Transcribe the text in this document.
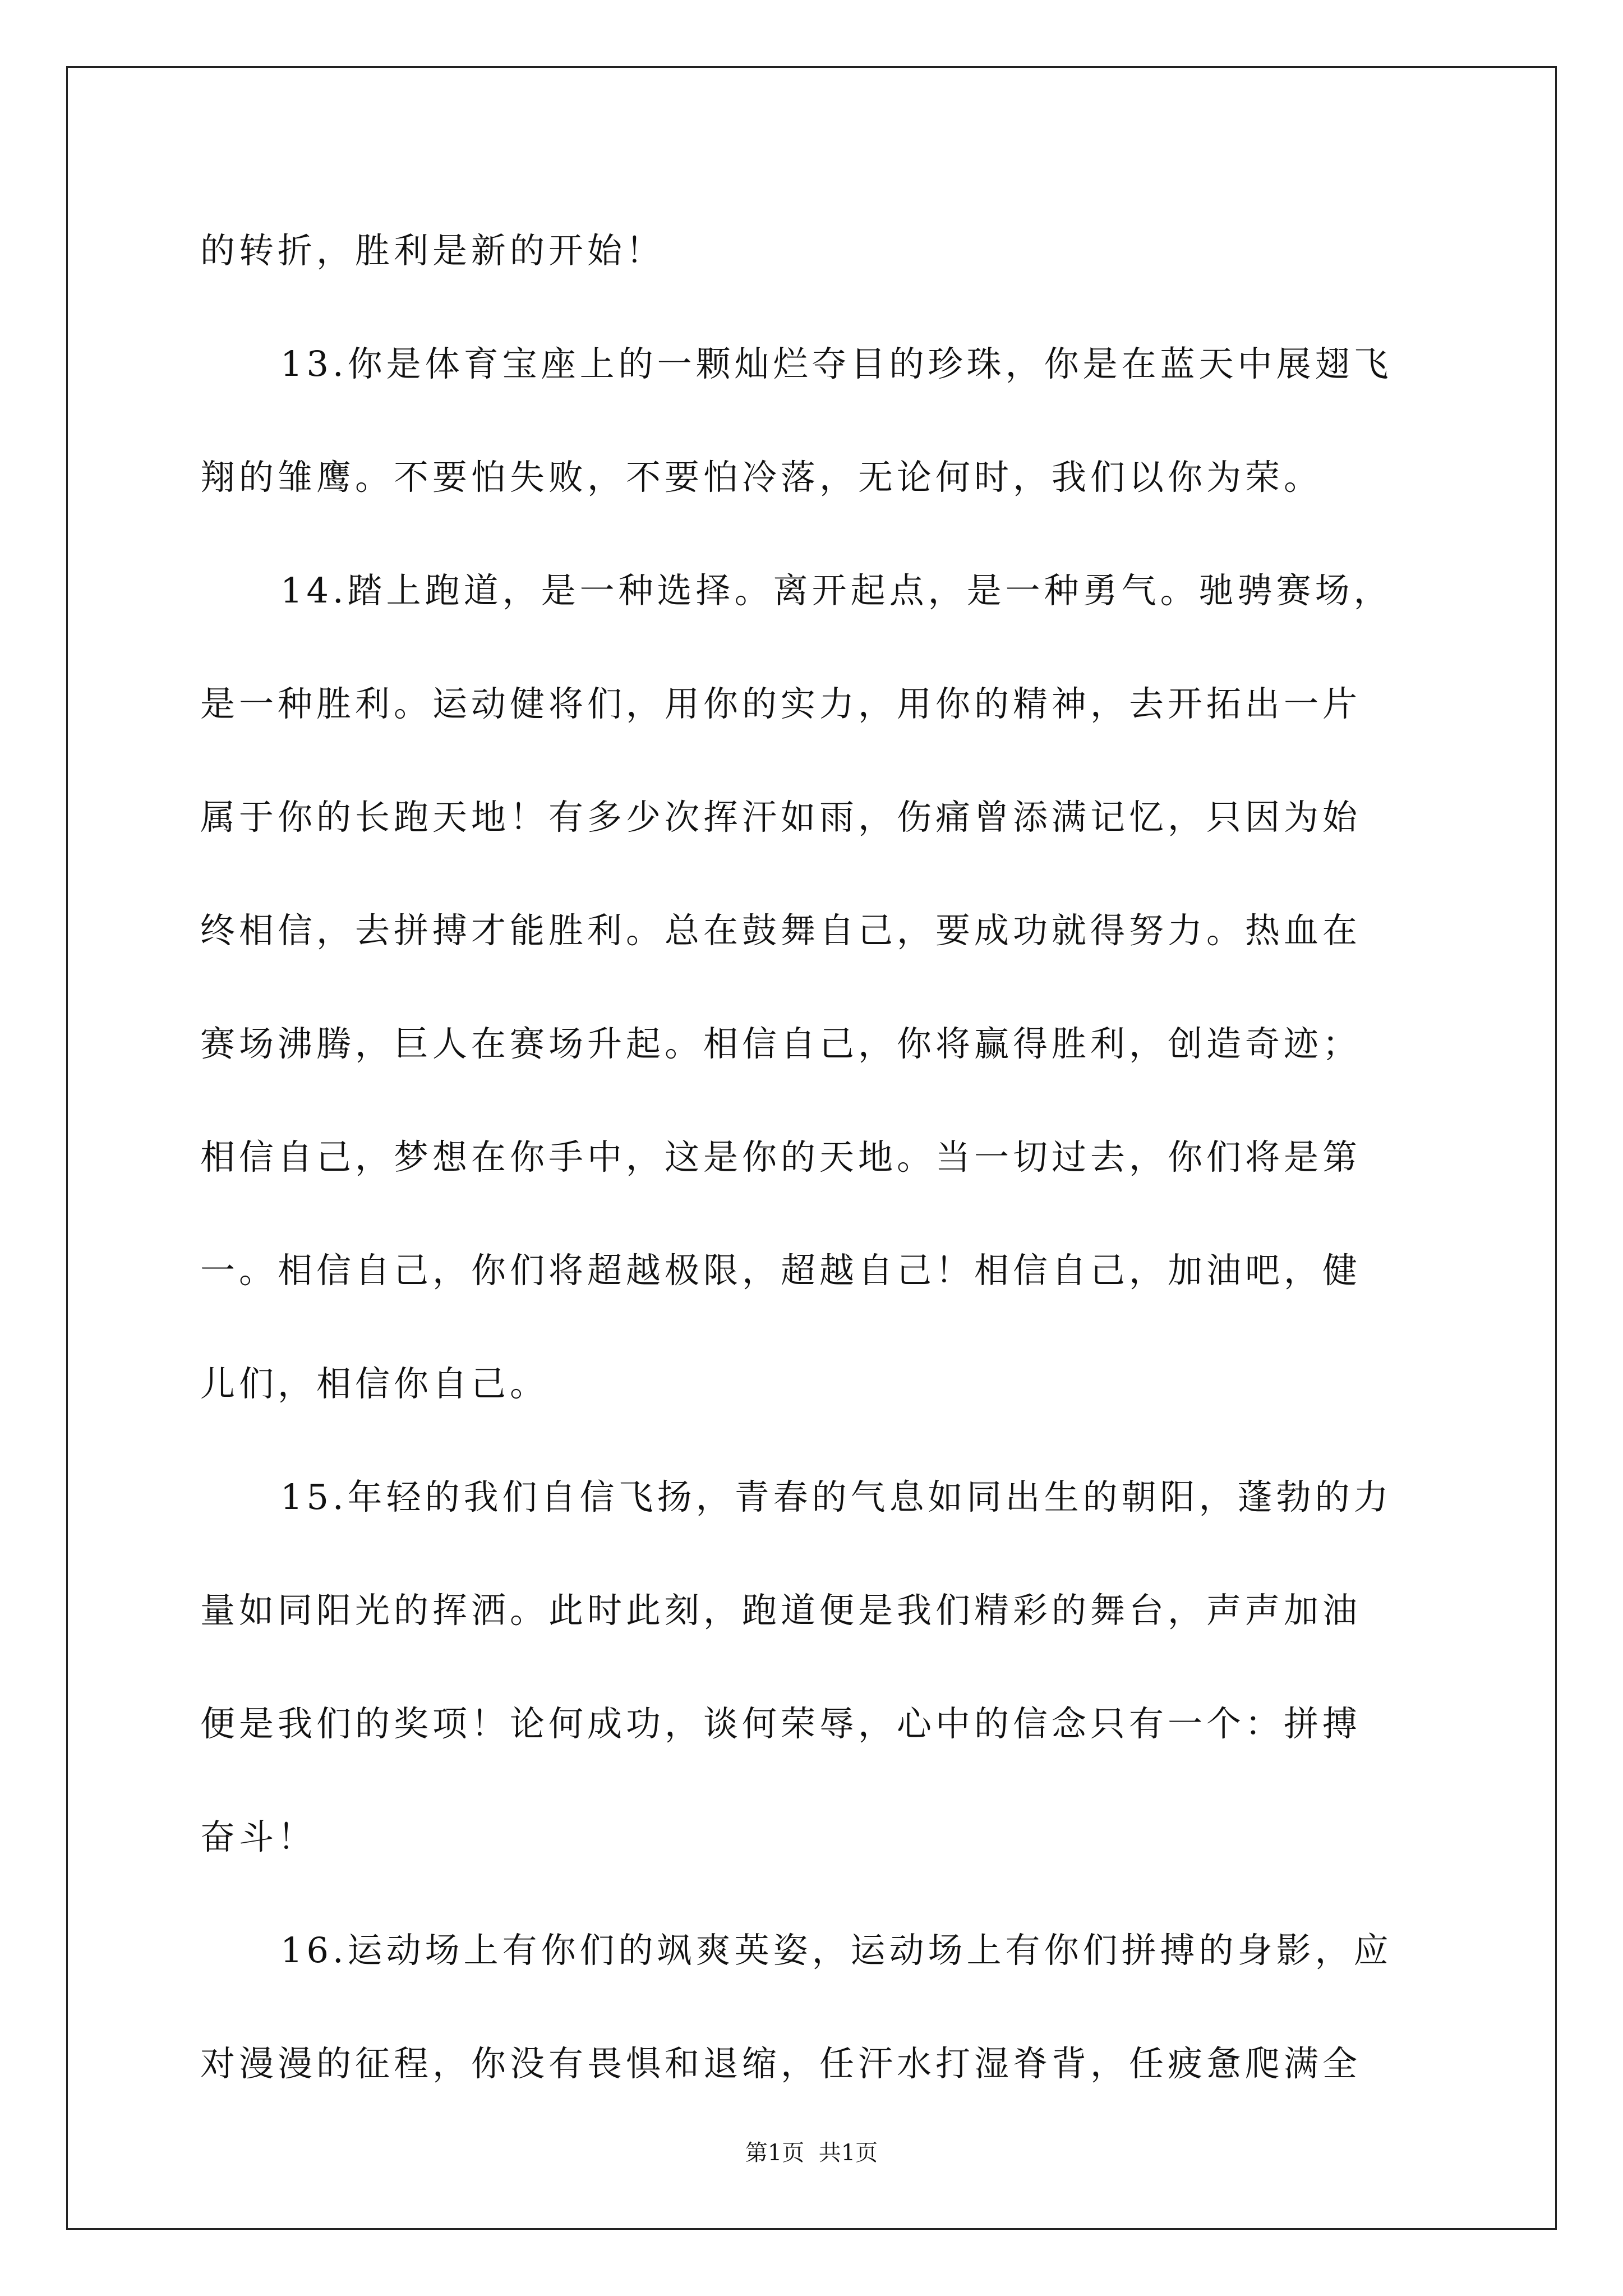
的转折，胜利是新的开始！
13.你是体育宝座上的一颗灿烂夺目的珍珠，你是在蓝天中展翅飞
翔的雏鹰。不要怕失败，不要怕冷落，无论何时，我们以你为荣。
14.踏上跑道，是一种选择。离开起点，是一种勇气。驰骋赛场，
是一种胜利。运动健将们，用你的实力，用你的精神，去开拓出一片
属于你的长跑天地！有多少次挥汗如雨，伤痛曾添满记忆，只因为始
终相信，去拼搏才能胜利。总在鼓舞自己，要成功就得努力。热血在
赛场沸腾，巨人在赛场升起。相信自己，你将赢得胜利，创造奇迹；
相信自己，梦想在你手中，这是你的天地。当一切过去，你们将是第
一。相信自己，你们将超越极限，超越自己！相信自己，加油吧，健
儿们，相信你自己。
15.年轻的我们自信飞扬，青春的气息如同出生的朝阳，蓬勃的力
量如同阳光的挥洒。此时此刻，跑道便是我们精彩的舞台，声声加油
便是我们的奖项！论何成功，谈何荣辱，心中的信念只有一个：拼搏
奋斗！
16.运动场上有你们的飒爽英姿，运动场上有你们拼搏的身影，应
对漫漫的征程，你没有畏惧和退缩，任汗水打湿脊背，任疲惫爬满全
第1页  共1页
